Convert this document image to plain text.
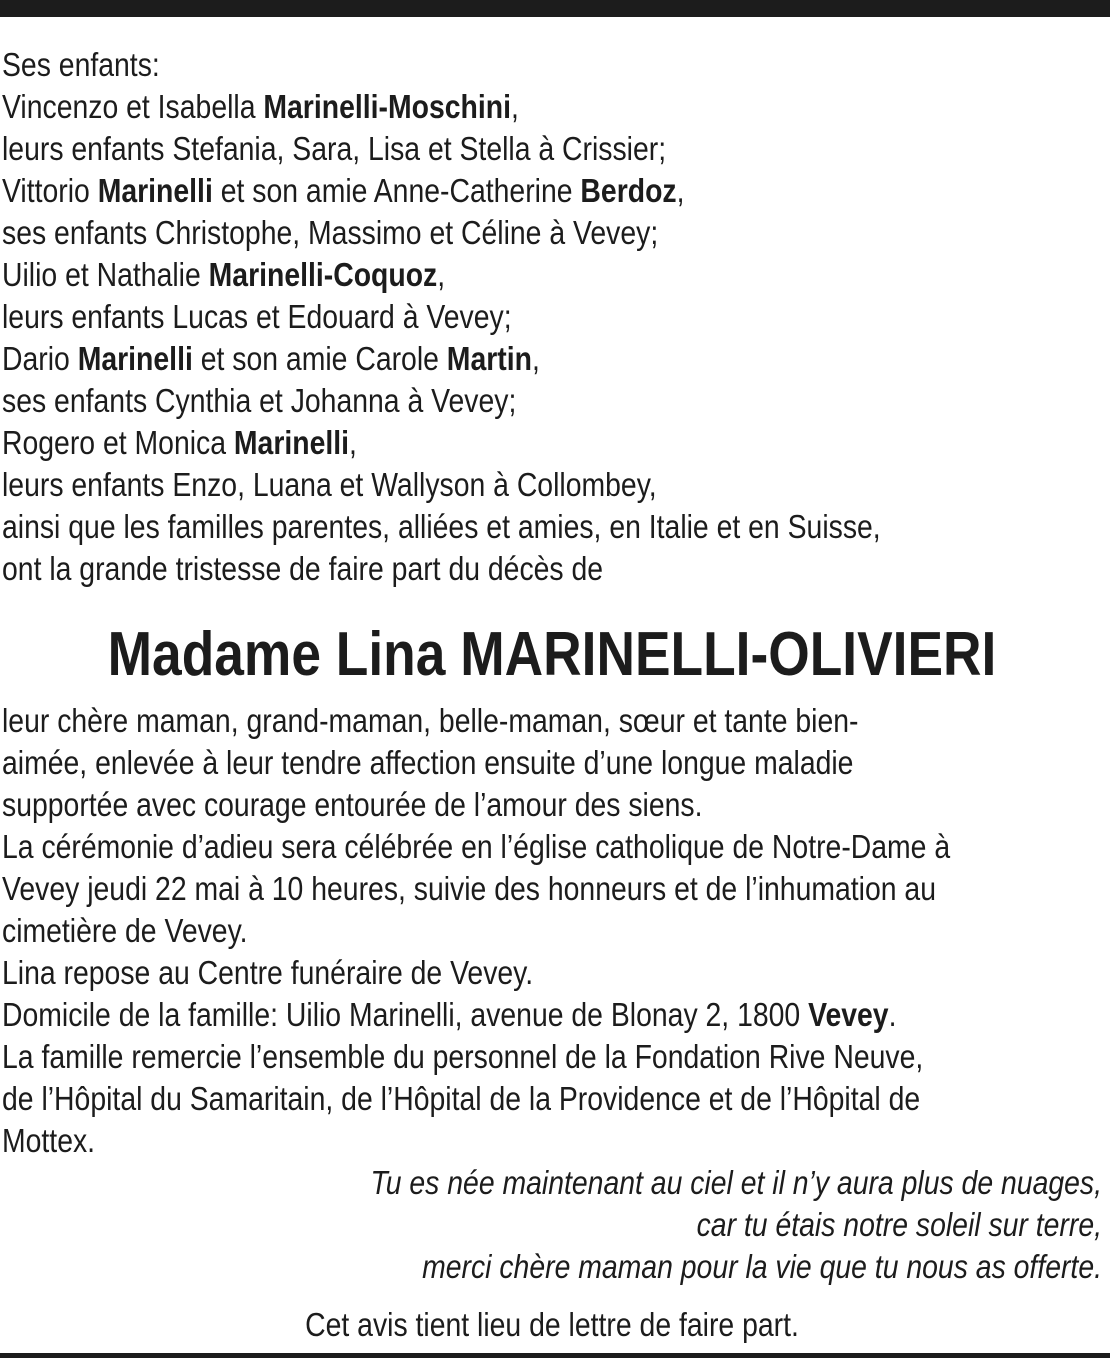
Ses enfants:
Vincenzo et Isabella Marinelli-Moschini,
leurs enfants Stefania, Sara, Lisa et Stella à Crissier;
Vittorio Marinelli et son amie Anne-Catherine Berdoz,
ses enfants Christophe, Massimo et Céline à Vevey;
Uilio et Nathalie Marinelli-Coquoz,
leurs enfants Lucas et Edouard à Vevey;
Dario Marinelli et son amie Carole Martin,
ses enfants Cynthia et Johanna à Vevey;
Rogero et Monica Marinelli,
leurs enfants Enzo, Luana et Wallyson à Collombey,
ainsi que les familles parentes, alliées et amies, en Italie et en Suisse,
ont la grande tristesse de faire part du décès de
Madame Lina MARINELLI-OLIVIERI
leur chère maman, grand-maman, belle-maman, sœur et tante bien-
aimée, enlevée à leur tendre affection ensuite d’une longue maladie
supportée avec courage entourée de l’amour des siens.
La cérémonie d’adieu sera célébrée en l’église catholique de Notre-Dame à
Vevey jeudi 22 mai à 10 heures, suivie des honneurs et de l’inhumation au
cimetière de Vevey.
Lina repose au Centre funéraire de Vevey.
Domicile de la famille: Uilio Marinelli, avenue de Blonay 2, 1800 Vevey.
La famille remercie l’ensemble du personnel de la Fondation Rive Neuve,
de l’Hôpital du Samaritain, de l’Hôpital de la Providence et de l’Hôpital de
Mottex.
Tu es née maintenant au ciel et il n’y aura plus de nuages,
car tu étais notre soleil sur terre,
merci chère maman pour la vie que tu nous as offerte.
Cet avis tient lieu de lettre de faire part.
